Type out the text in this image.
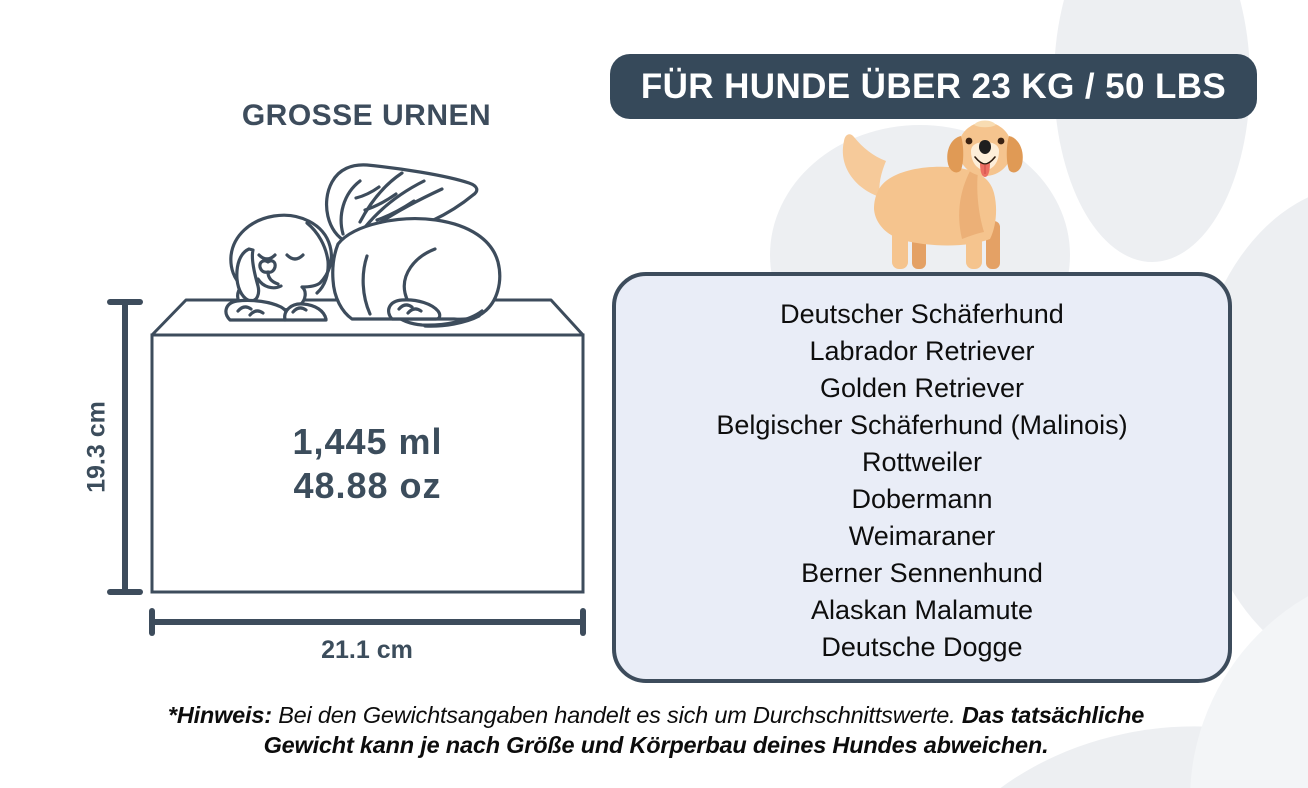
GROSSE URNEN
1,445 ml
48.88 oz
19.3 cm
21.1 cm
FÜR HUNDE ÜBER 23 KG / 50 LBS
Deutscher Schäferhund
Labrador Retriever
Golden Retriever
Belgischer Schäferhund (Malinois)
Rottweiler
Dobermann
Weimaraner
Berner Sennenhund
Alaskan Malamute
Deutsche Dogge
*Hinweis: Bei den Gewichtsangaben handelt es sich um Durchschnittswerte. Das tatsächliche Gewicht kann je nach Größe und Körperbau deines Hundes abweichen.
